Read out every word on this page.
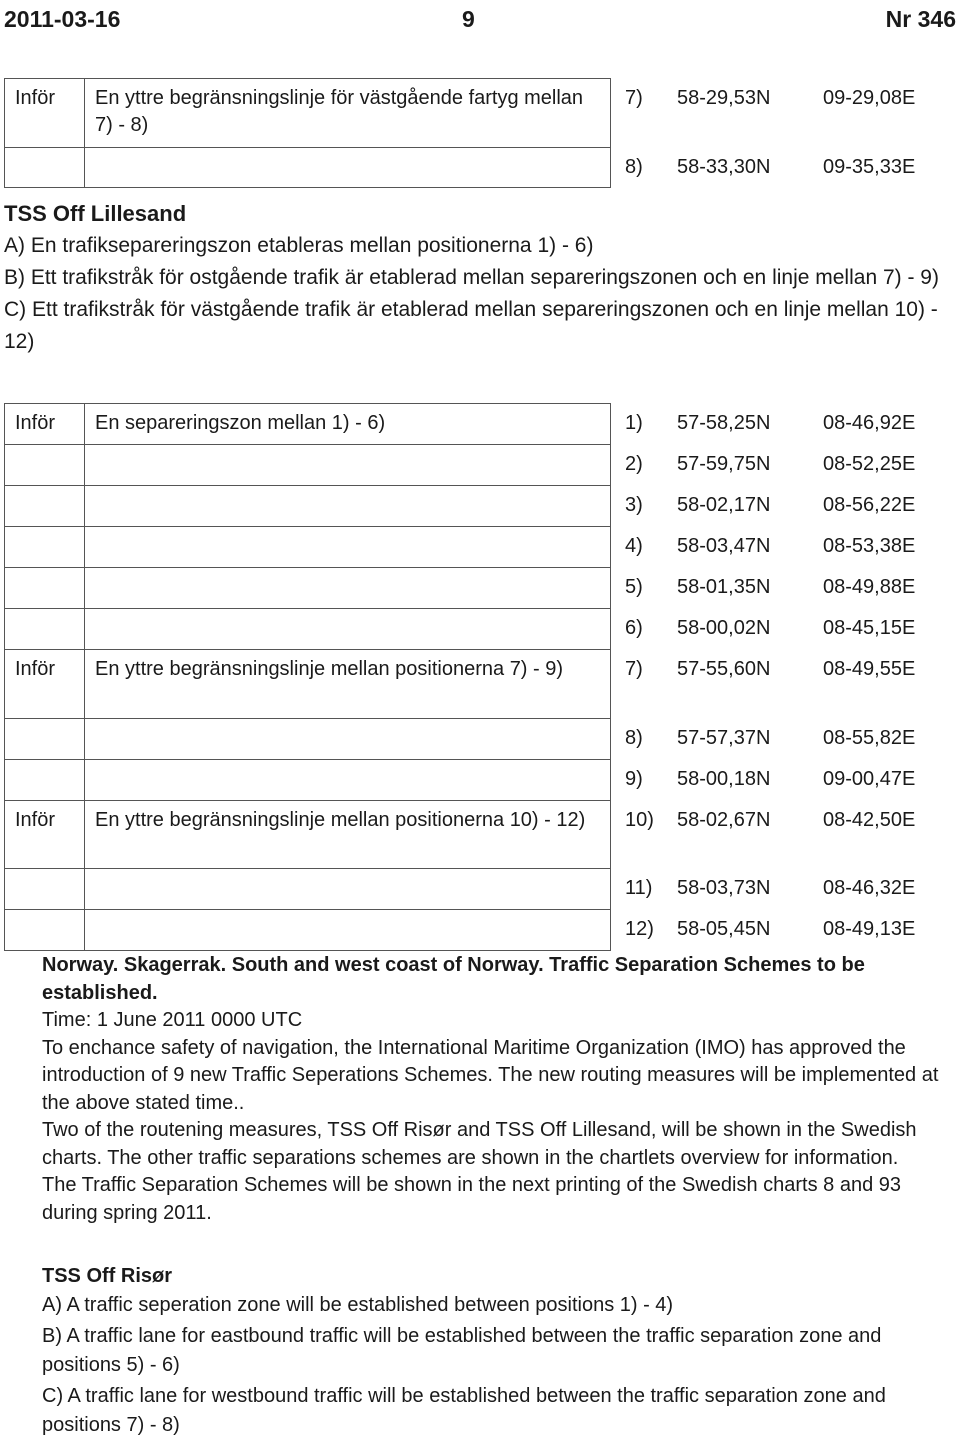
2011-03-16	9	Nr 346
Inför	En yttre begränsningslinje för västgående fartyg mellan 7) - 8)	7) 58-29,53N 09-29,08E
		8) 58-33,30N 09-35,33E

TSS Off Lillesand

A) En trafiksepareringszon etableras mellan positionerna 1) - 6)

B) Ett trafikstråk för ostgående trafik är etablerad mellan separeringszonen och en linje mellan 7) - 9)

C) Ett trafikstråk för västgående trafik är etablerad mellan separeringszonen och en linje mellan 10) - 12)

Inför	En separeringszon mellan 1) - 6)	1) 57-58,25N 08-46,92E
		2) 57-59,75N 08-52,25E
		3) 58-02,17N 08-56,22E
		4) 58-03,47N 08-53,38E
		5) 58-01,35N 08-49,88E
		6) 58-00,02N 08-45,15E
Inför	En yttre begränsningslinje mellan positionerna 7) - 9)	7) 57-55,60N 08-49,55E
		8) 57-57,37N 08-55,82E
		9) 58-00,18N 09-00,47E
Inför	En yttre begränsningslinje mellan positionerna 10) - 12)	10) 58-02,67N 08-42,50E
		11) 58-03,73N 08-46,32E
		12) 58-05,45N 08-49,13E

Norway. Skagerrak. South and west coast of Norway. Traffic Separation Schemes to be established.

Time: 1 June 2011 0000 UTC

To enchance safety of navigation, the International Maritime Organization (IMO) has approved the introduction of 9 new Traffic Seperations Schemes. The new routing measures will be implemented at the above stated time..

Two of the routening measures, TSS Off Risør and TSS Off Lillesand, will be shown in the Swedish charts. The other traffic separations schemes are shown in the chartlets overview for information.

The Traffic Separation Schemes will be shown in the next printing of the Swedish charts 8 and 93 during spring 2011.

TSS Off Risør

A) A traffic seperation zone will be established between positions 1) - 4)

B) A traffic lane for eastbound traffic will be established between the traffic separation zone and positions 5) - 6)

C) A traffic lane for westbound traffic will be established between the traffic separation zone and positions 7) - 8)
